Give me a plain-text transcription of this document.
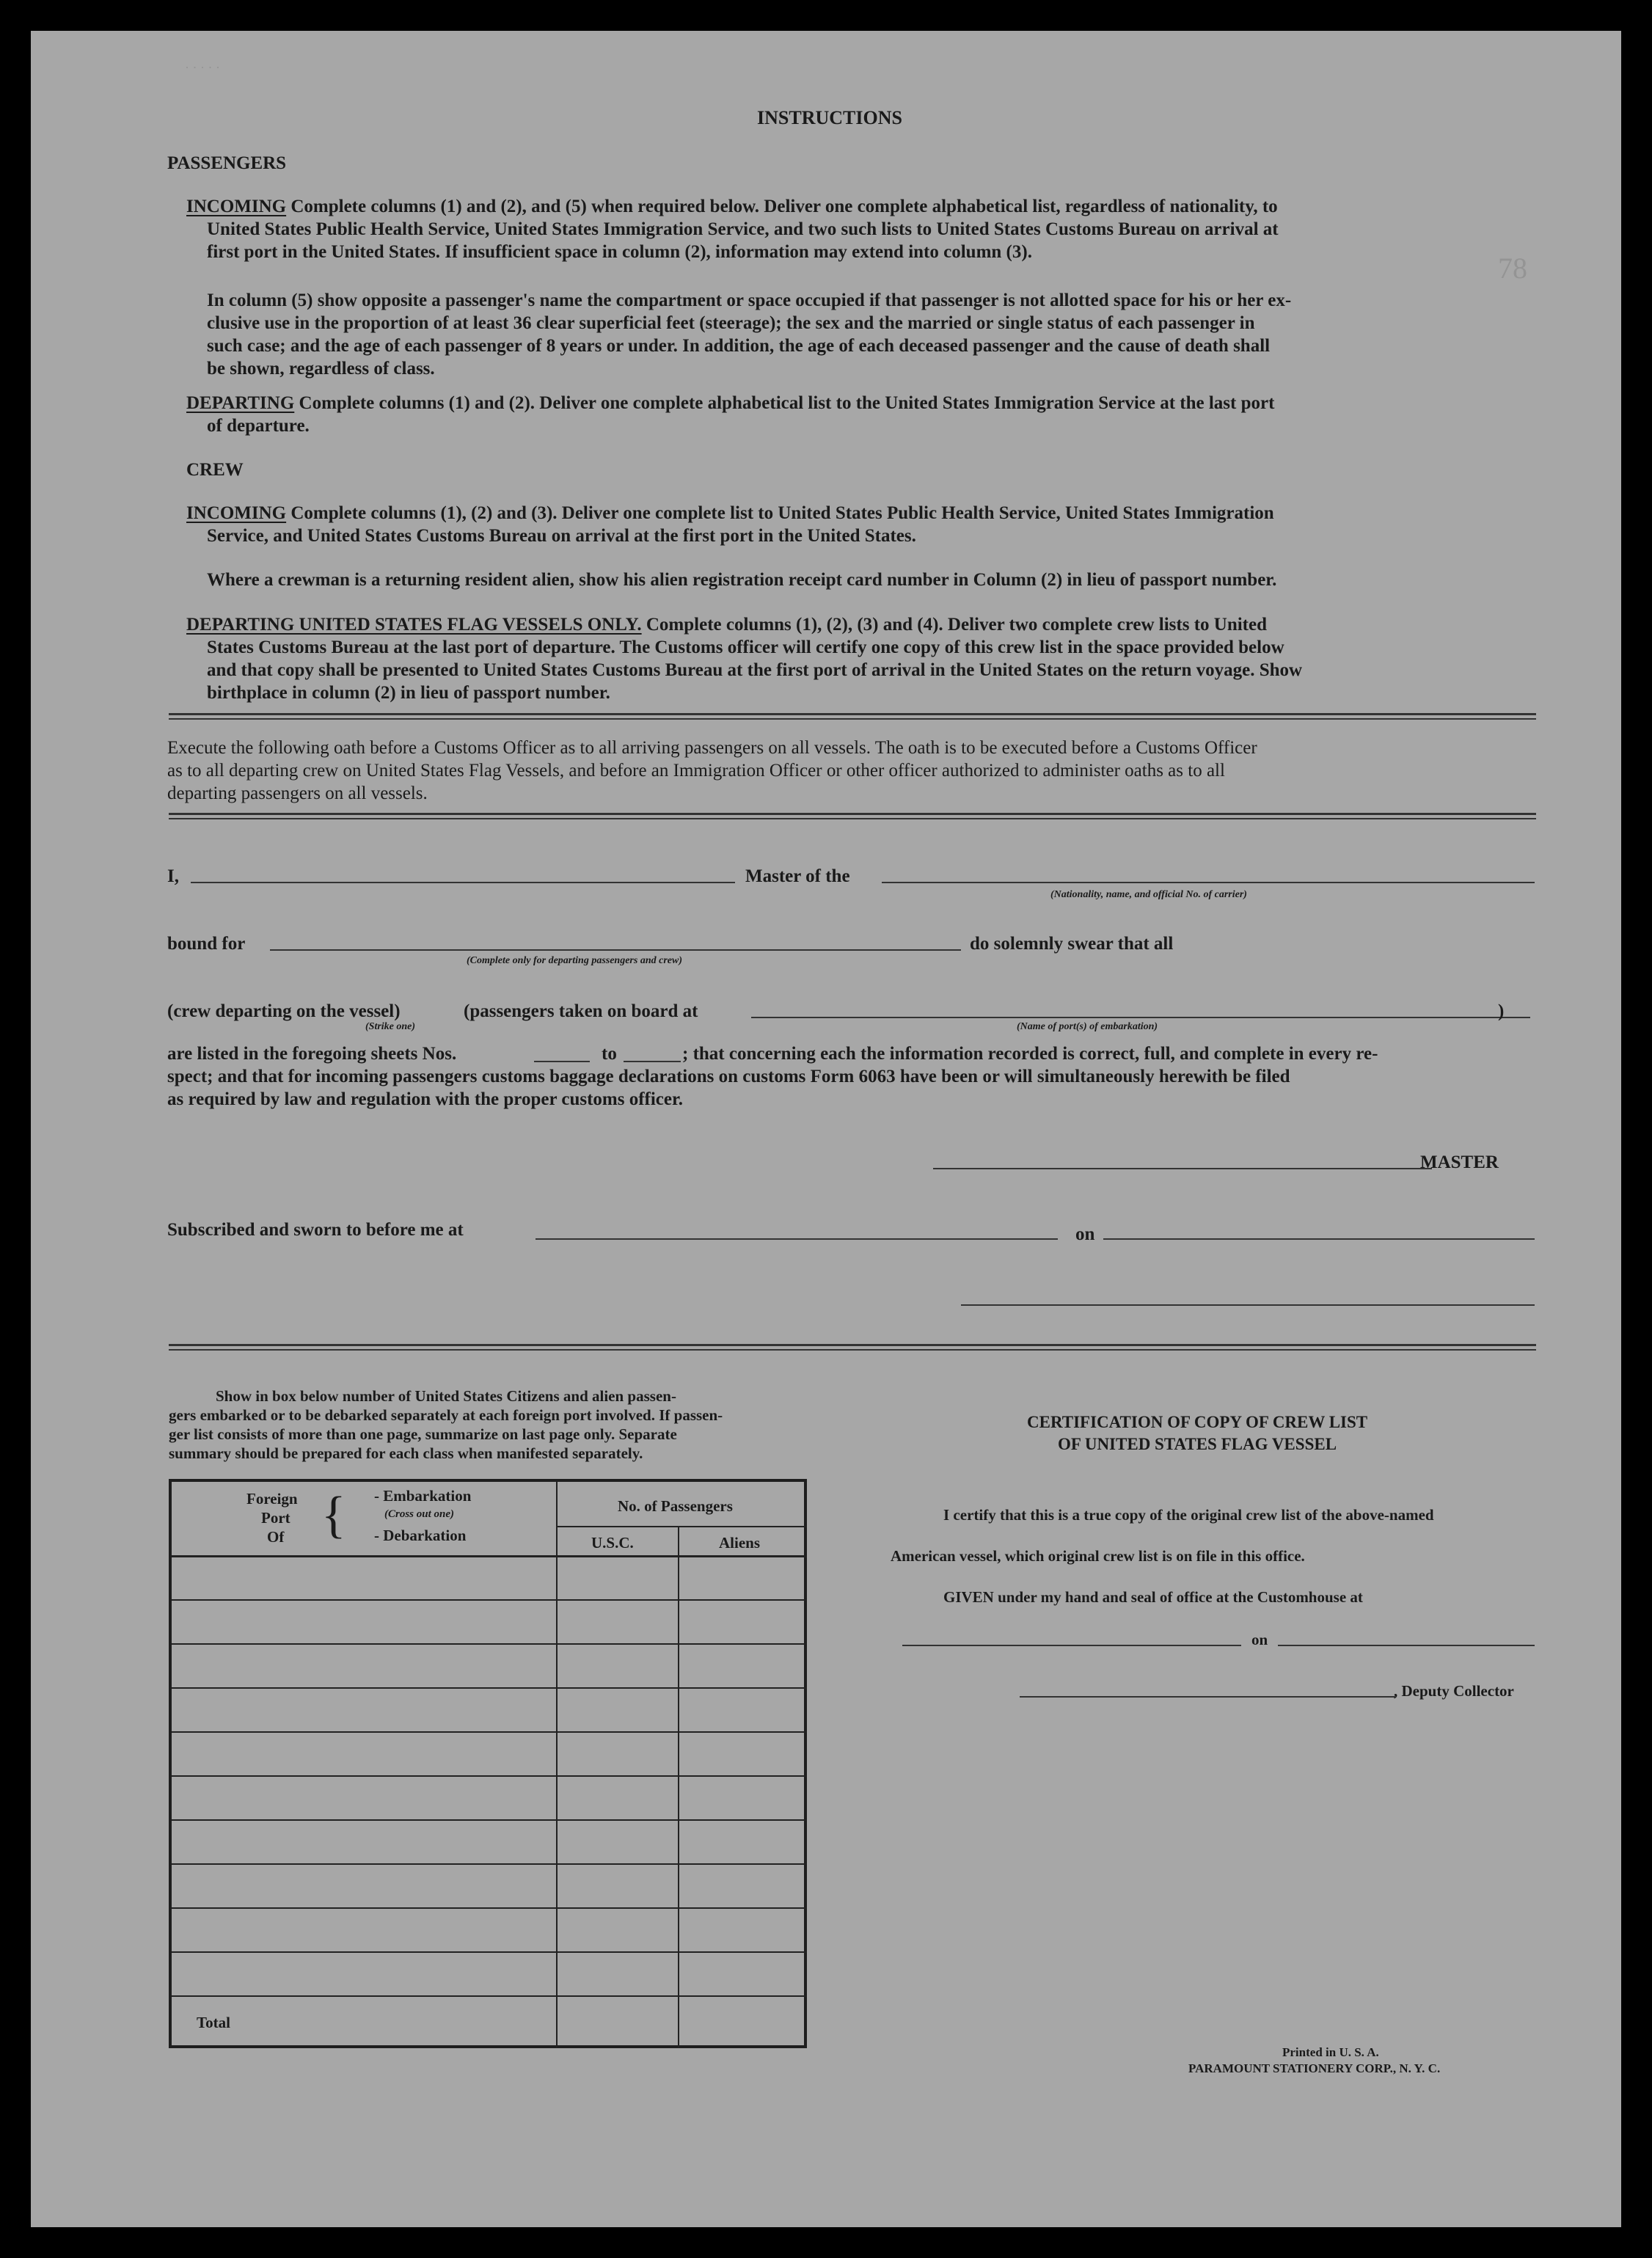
· · · · ·
78
INSTRUCTIONS
PASSENGERS
INCOMING Complete columns (1) and (2), and (5) when required below. Deliver one complete alphabetical list, regardless of nationality, to
United States Public Health Service, United States Immigration Service, and two such lists to United States Customs Bureau on arrival at
first port in the United States. If insufficient space in column (2), information may extend into column (3).
In column (5) show opposite a passenger's name the compartment or space occupied if that passenger is not allotted space for his or her ex-
clusive use in the proportion of at least 36 clear superficial feet (steerage); the sex and the married or single status of each passenger in
such case; and the age of each passenger of 8 years or under. In addition, the age of each deceased passenger and the cause of death shall
be shown, regardless of class.
DEPARTING Complete columns (1) and (2). Deliver one complete alphabetical list to the United States Immigration Service at the last port
of departure.
CREW
INCOMING Complete columns (1), (2) and (3). Deliver one complete list to United States Public Health Service, United States Immigration
Service, and United States Customs Bureau on arrival at the first port in the United States.
Where a crewman is a returning resident alien, show his alien registration receipt card number in Column (2) in lieu of passport number.
DEPARTING UNITED STATES FLAG VESSELS ONLY. Complete columns (1), (2), (3) and (4). Deliver two complete crew lists to United
States Customs Bureau at the last port of departure. The Customs officer will certify one copy of this crew list in the space provided below
and that copy shall be presented to United States Customs Bureau at the first port of arrival in the United States on the return voyage. Show
birthplace in column (2) in lieu of passport number.
Execute the following oath before a Customs Officer as to all arriving passengers on all vessels. The oath is to be executed before a Customs Officer
as to all departing crew on United States Flag Vessels, and before an Immigration Officer or other officer authorized to administer oaths as to all
departing passengers on all vessels.
I,	Master of the
(Nationality, name, and official No. of carrier)
bound for
(Complete only for departing passengers and crew)
do solemnly swear that all
(crew departing on the vessel)	(passengers taken on board at	)
(Strike one)	(Name of port(s) of embarkation)
are listed in the foregoing sheets Nos.	to	; that concerning each the information recorded is correct, full, and complete in every re-
spect; and that for incoming passengers customs baggage declarations on customs Form 6063 have been or will simultaneously herewith be filed
as required by law and regulation with the proper customs officer.
MASTER
Subscribed and sworn to before me at	on
Show in box below number of United States Citizens and alien passen-
gers embarked or to be debarked separately at each foreign port involved. If passen-
ger list consists of more than one page, summarize on last page only. Separate
summary should be prepared for each class when manifested separately.
Foreign
Port
Of { - Embarkation
(Cross out one)
- Debarkation
No. of Passengers
U.S.C.	Aliens
Total
CERTIFICATION OF COPY OF CREW LIST
OF UNITED STATES FLAG VESSEL
I certify that this is a true copy of the original crew list of the above-named
American vessel, which original crew list is on file in this office.
GIVEN under my hand and seal of office at the Customhouse at
on
, Deputy Collector
Printed in U. S. A.
PARAMOUNT STATIONERY CORP., N. Y. C.
